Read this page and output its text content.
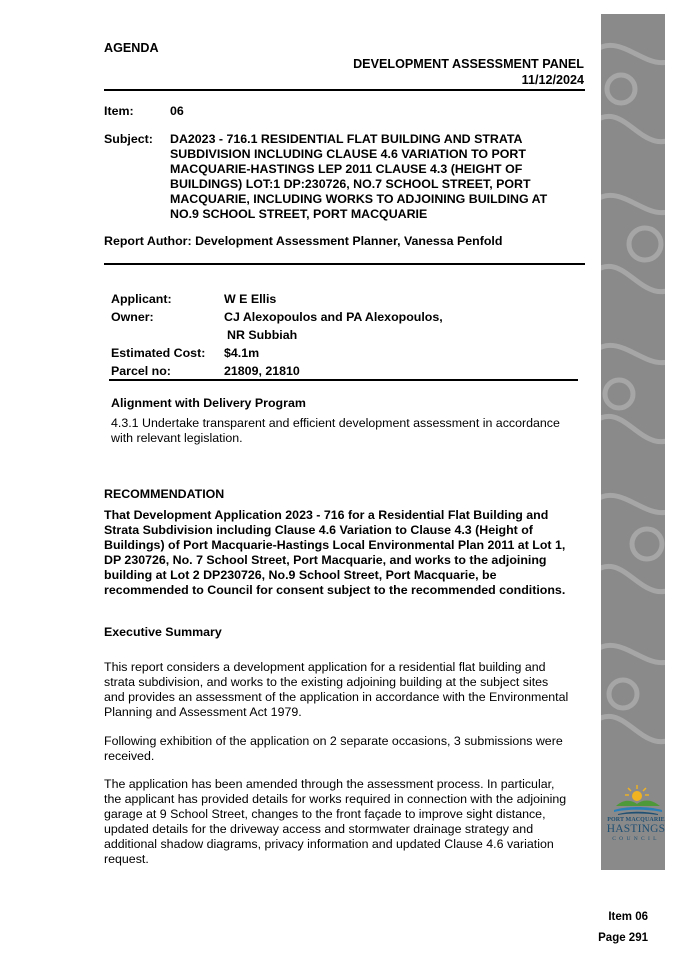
AGENDA
DEVELOPMENT ASSESSMENT PANEL
11/12/2024
Item:	06
Subject: DA2023 - 716.1 RESIDENTIAL FLAT BUILDING AND STRATA
SUBDIVISION INCLUDING CLAUSE 4.6 VARIATION TO PORT
MACQUARIE-HASTINGS LEP 2011 CLAUSE 4.3 (HEIGHT OF
BUILDINGS) LOT:1 DP:230726, NO.7 SCHOOL STREET, PORT
MACQUARIE, INCLUDING WORKS TO ADJOINING BUILDING AT
NO.9 SCHOOL STREET, PORT MACQUARIE
Report Author: Development Assessment Planner, Vanessa Penfold
Applicant:	W E Ellis
Owner:	CJ Alexopoulos and PA Alexopoulos,
NR Subbiah
Estimated Cost: $4.1m
Parcel no:	21809, 21810
Alignment with Delivery Program
4.3.1 Undertake transparent and efficient development assessment in accordance
with relevant legislation.
RECOMMENDATION
That Development Application 2023 - 716 for a Residential Flat Building and
Strata Subdivision including Clause 4.6 Variation to Clause 4.3 (Height of
Buildings) of Port Macquarie-Hastings Local Environmental Plan 2011 at Lot 1,
DP 230726, No. 7 School Street, Port Macquarie, and works to the adjoining
building at Lot 2 DP230726, No.9 School Street, Port Macquarie, be
recommended to Council for consent subject to the recommended conditions.
Executive Summary
This report considers a development application for a residential flat building and
strata subdivision, and works to the existing adjoining building at the subject sites
and provides an assessment of the application in accordance with the Environmental
Planning and Assessment Act 1979.
Following exhibition of the application on 2 separate occasions, 3 submissions were
received.
The application has been amended through the assessment process. In particular,
the applicant has provided details for works required in connection with the adjoining
garage at 9 School Street, changes to the front façade to improve sight distance,
updated details for the driveway access and stormwater drainage strategy and
additional shadow diagrams, privacy information and updated Clause 4.6 variation
request.
PORT MACQUARIE
HASTINGS
COUNCIL
Item 06
Page 291
